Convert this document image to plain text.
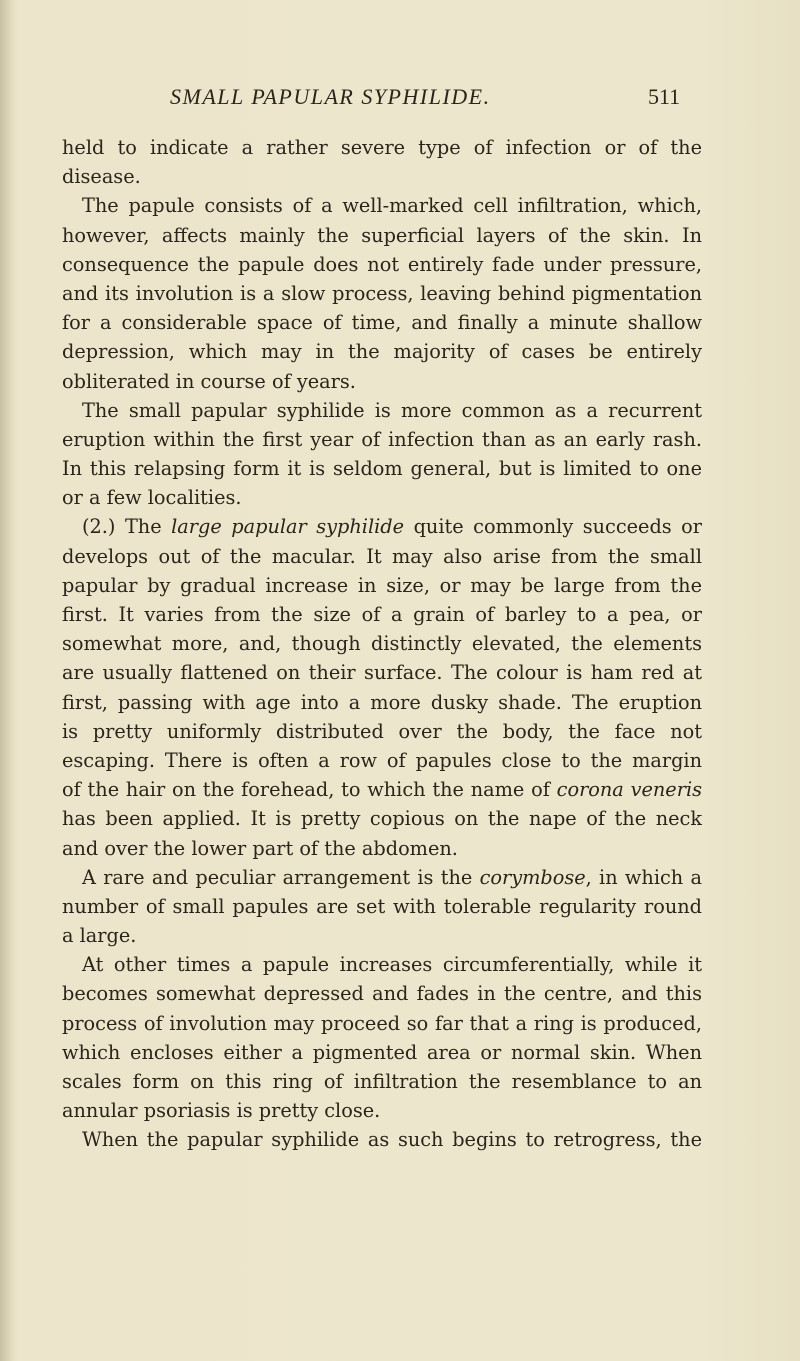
SMALL PAPULAR SYPHILIDE.	511
held to indicate a rather severe type of infection or of the
disease.
The papule consists of a well-marked cell infiltration, which,
however, affects mainly the superficial layers of the skin. In
consequence the papule does not entirely fade under pressure,
and its involution is a slow process, leaving behind pigmentation
for a considerable space of time, and finally a minute shallow
depression, which may in the majority of cases be entirely
obliterated in course of years.
The small papular syphilide is more common as a recurrent
eruption within the first year of infection than as an early rash.
In this relapsing form it is seldom general, but is limited to one
or a few localities.
(2.) The large papular syphilide quite commonly succeeds or
develops out of the macular. It may also arise from the small
papular by gradual increase in size, or may be large from the
first. It varies from the size of a grain of barley to a pea, or
somewhat more, and, though distinctly elevated, the elements
are usually flattened on their surface. The colour is ham red at
first, passing with age into a more dusky shade. The eruption
is pretty uniformly distributed over the body, the face not
escaping. There is often a row of papules close to the margin
of the hair on the forehead, to which the name of corona veneris
has been applied. It is pretty copious on the nape of the neck
and over the lower part of the abdomen.
A rare and peculiar arrangement is the corymbose, in which a
number of small papules are set with tolerable regularity round
a large.
At other times a papule increases circumferentially, while it
becomes somewhat depressed and fades in the centre, and this
process of involution may proceed so far that a ring is produced,
which encloses either a pigmented area or normal skin. When
scales form on this ring of infiltration the resemblance to an
annular psoriasis is pretty close.
When the papular syphilide as such begins to retrogress, the
